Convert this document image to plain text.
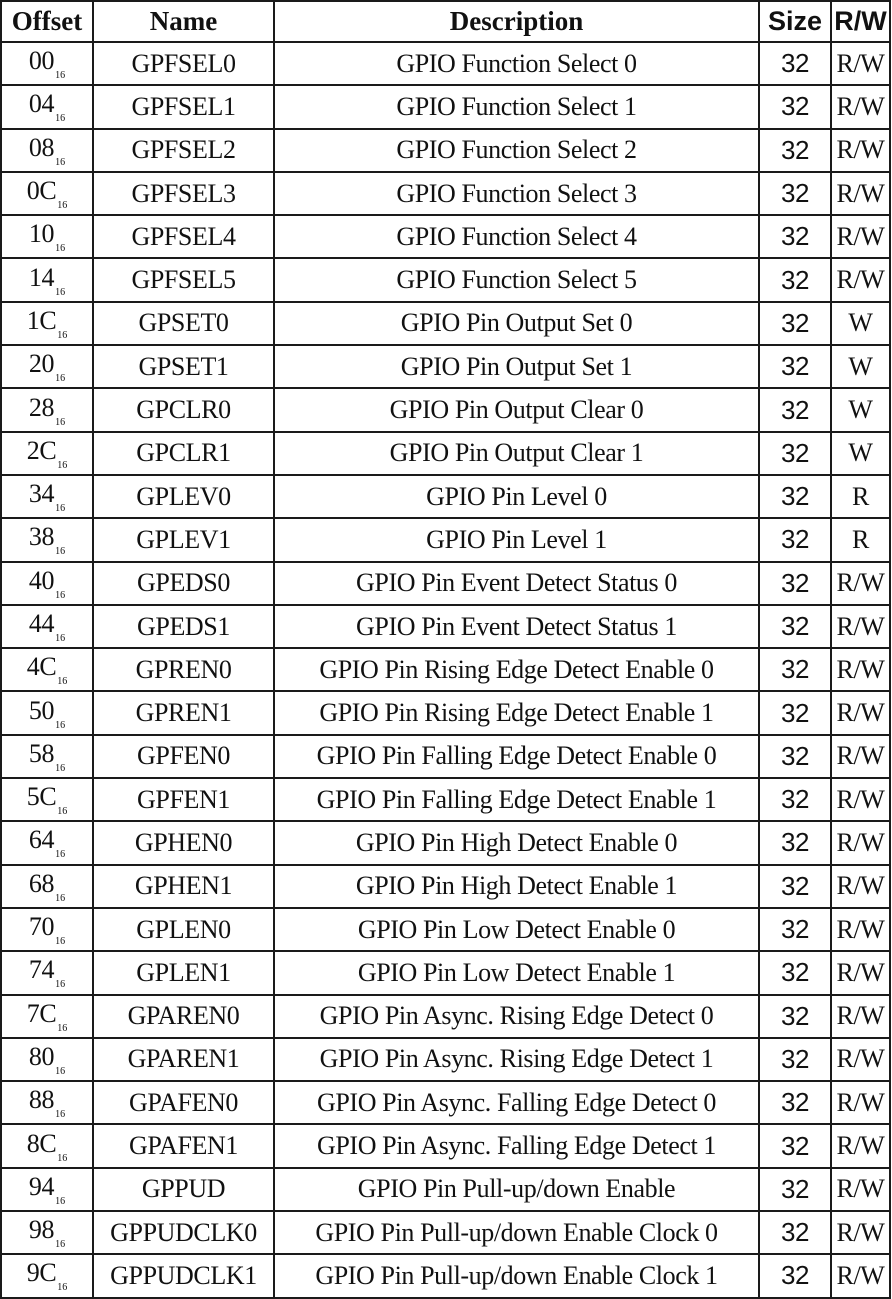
Offset	Name	Description	Size	R/W
$00_{16}$	GPFSEL0	GPIO Function Select 0	32	R/W
$04_{16}$	GPFSEL1	GPIO Function Select 1	32	R/W
$08_{16}$	GPFSEL2	GPIO Function Select 2	32	R/W
$0C_{16}$	GPFSEL3	GPIO Function Select 3	32	R/W
$10_{16}$	GPFSEL4	GPIO Function Select 4	32	R/W
$14_{16}$	GPFSEL5	GPIO Function Select 5	32	R/W
$1C_{16}$	GPSET0	GPIO Pin Output Set 0	32	W
$20_{16}$	GPSET1	GPIO Pin Output Set 1	32	W
$28_{16}$	GPCLR0	GPIO Pin Output Clear 0	32	W
$2C_{16}$	GPCLR1	GPIO Pin Output Clear 1	32	W
$34_{16}$	GPLEV0	GPIO Pin Level 0	32	R
$38_{16}$	GPLEV1	GPIO Pin Level 1	32	R
$40_{16}$	GPEDS0	GPIO Pin Event Detect Status 0	32	R/W
$44_{16}$	GPEDS1	GPIO Pin Event Detect Status 1	32	R/W
$4C_{16}$	GPREN0	GPIO Pin Rising Edge Detect Enable 0	32	R/W
$50_{16}$	GPREN1	GPIO Pin Rising Edge Detect Enable 1	32	R/W
$58_{16}$	GPFEN0	GPIO Pin Falling Edge Detect Enable 0	32	R/W
$5C_{16}$	GPFEN1	GPIO Pin Falling Edge Detect Enable 1	32	R/W
$64_{16}$	GPHEN0	GPIO Pin High Detect Enable 0	32	R/W
$68_{16}$	GPHEN1	GPIO Pin High Detect Enable 1	32	R/W
$70_{16}$	GPLEN0	GPIO Pin Low Detect Enable 0	32	R/W
$74_{16}$	GPLEN1	GPIO Pin Low Detect Enable 1	32	R/W
$7C_{16}$	GPAREN0	GPIO Pin Async. Rising Edge Detect 0	32	R/W
$80_{16}$	GPAREN1	GPIO Pin Async. Rising Edge Detect 1	32	R/W
$88_{16}$	GPAFEN0	GPIO Pin Async. Falling Edge Detect 0	32	R/W
$8C_{16}$	GPAFEN1	GPIO Pin Async. Falling Edge Detect 1	32	R/W
$94_{16}$	GPPUD	GPIO Pin Pull-up/down Enable	32	R/W
$98_{16}$	GPPUDCLK0	GPIO Pin Pull-up/down Enable Clock 0	32	R/W
$9C_{16}$	GPPUDCLK1	GPIO Pin Pull-up/down Enable Clock 1	32	R/W
